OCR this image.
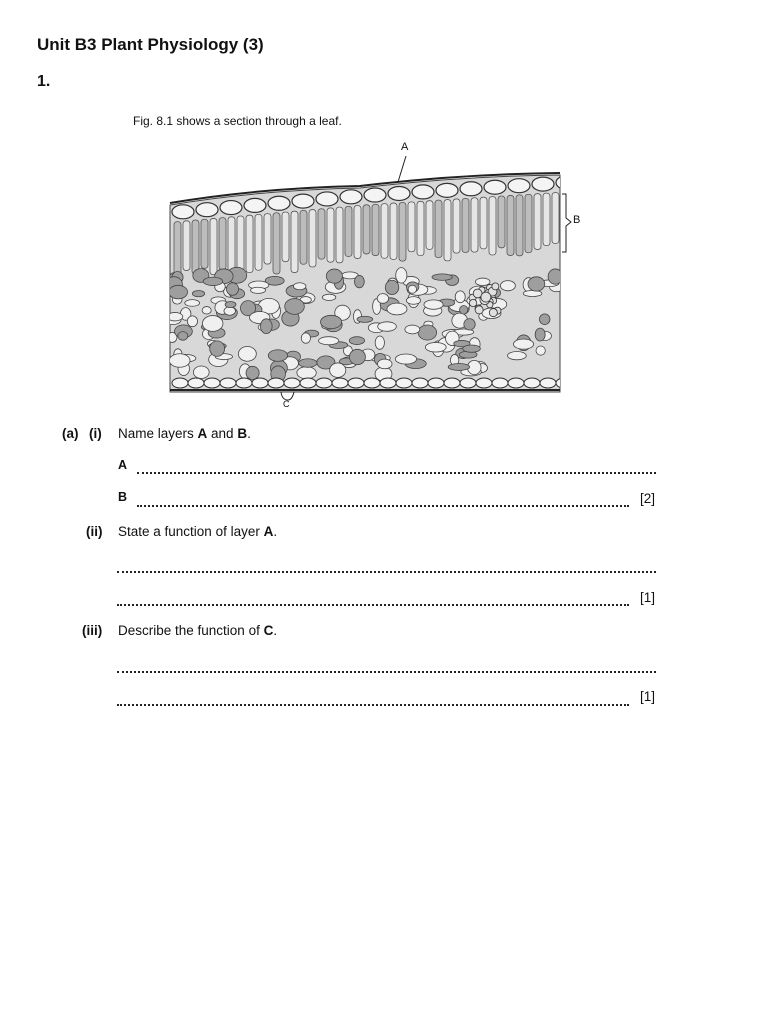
Unit B3 Plant Physiology (3)
1.
Fig. 8.1 shows a section through a leaf.
A
B
C
(a) (i) Name layers A and B.
A
B	[2]
(ii) State a function of layer A.
[1]
(iii) Describe the function of C.
[1]
